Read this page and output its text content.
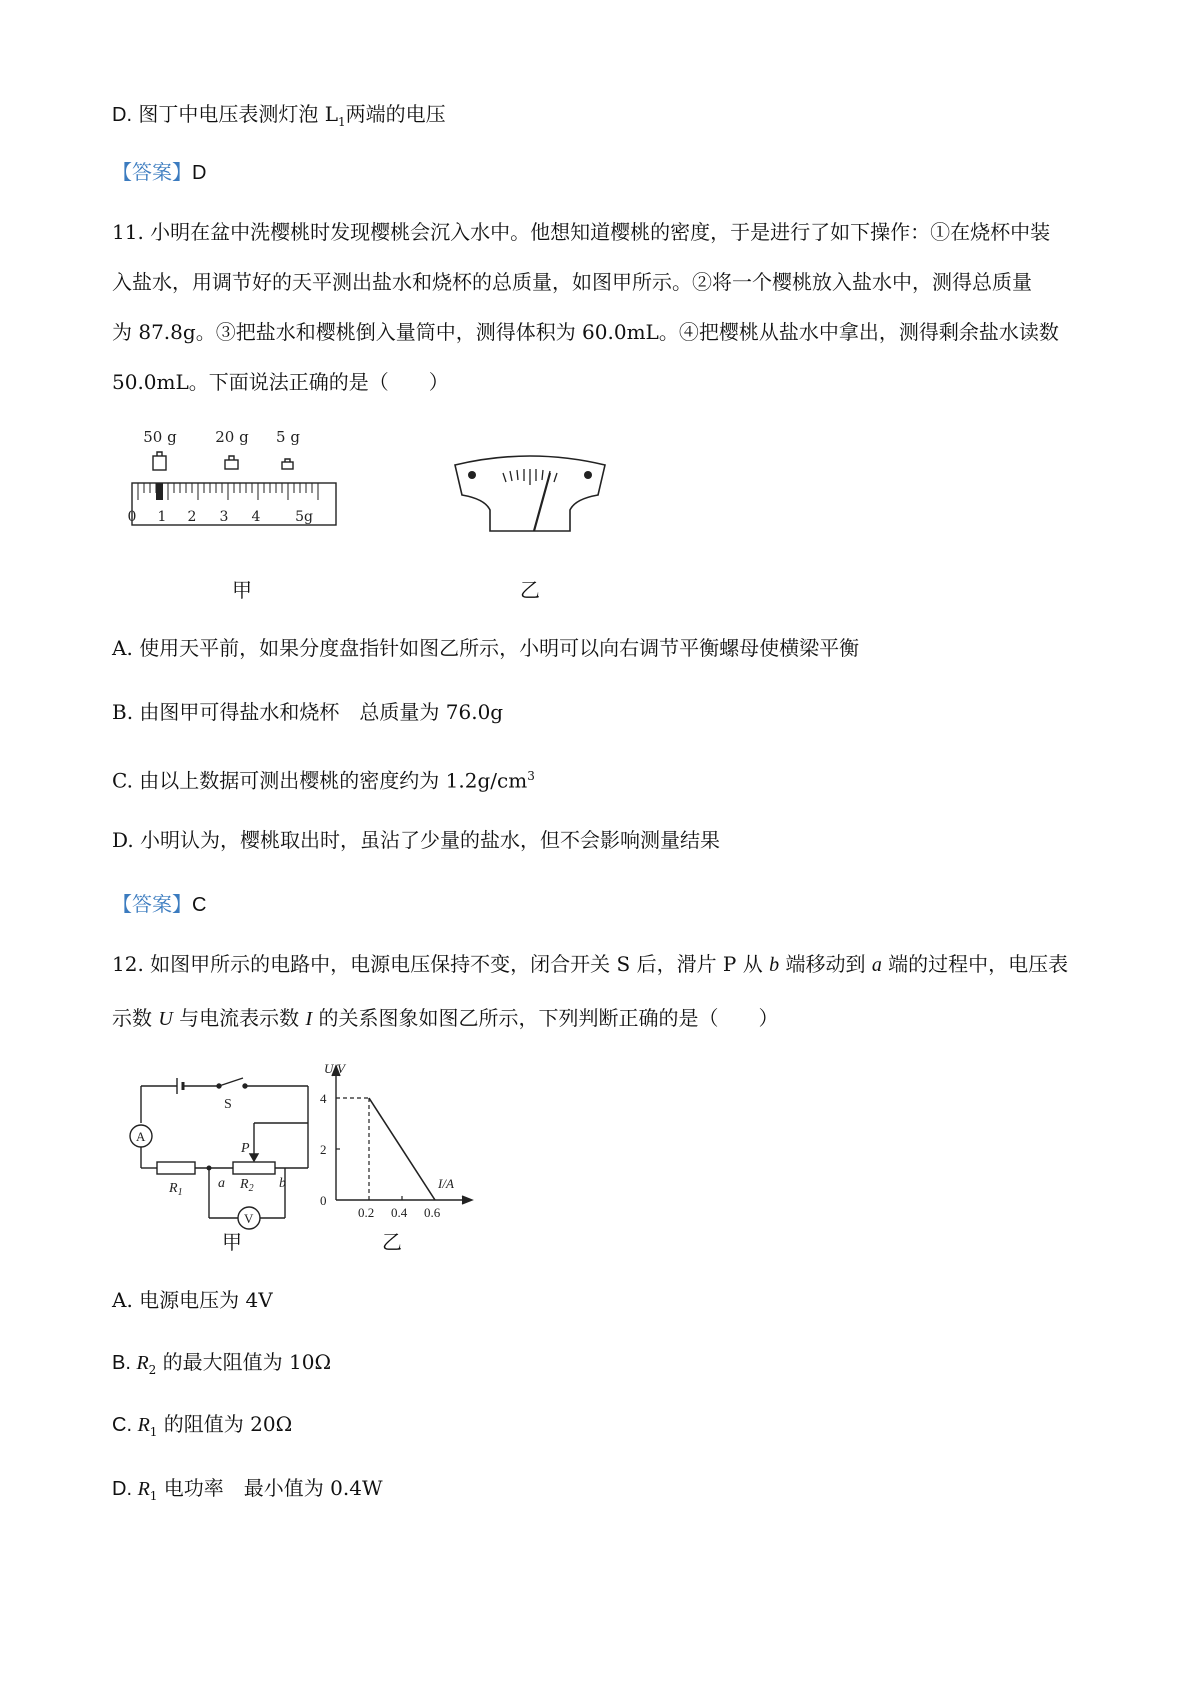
D. 图丁中电压表测灯泡 $L_1$两端的电压
【答案】D
11. 小明在盆中洗樱桃时发现樱桃会沉入水中。他想知道樱桃的密度，于是进行了如下操作：①在烧杯中装
入盐水，用调节好的天平测出盐水和烧杯的总质量，如图甲所示。②将一个樱桃放入盐水中，测得总质量
为 87.8g。③把盐水和樱桃倒入量筒中，测得体积为 60.0mL。④把樱桃从盐水中拿出，测得剩余盐水读数
50.0mL。下面说法正确的是（　　）
50 g	20 g 5 g
0 1 2 3 4 5g
甲	乙
A. 使用天平前，如果分度盘指针如图乙所示，小明可以向右调节平衡螺母使横梁平衡
B. 由图甲可得盐水和烧杯　总质量为 76.0g
C. 由以上数据可测出樱桃的密度约为 $1.2g/cm^3$
D. 小明认为，樱桃取出时，虽沾了少量的盐水，但不会影响测量结果
【答案】C
12. 如图甲所示的电路中，电源电压保持不变，闭合开关 S 后，滑片 P 从 b 端移动到 a 端的过程中，电压表
示数 U 与电流表示数 I 的关系图象如图乙所示，下列判断正确的是（　　）
S
A
V
$R_1$
$R_2$
P
a	b
甲
U/V
I/A
4
2
0
0.2 0.4 0.6
乙
A. 电源电压为 4V
B. $R_2$ 的最大阻值为 10Ω
C. $R_1$ 的阻值为 20Ω
D. $R_1$ 电功率　最小值为 0.4W
